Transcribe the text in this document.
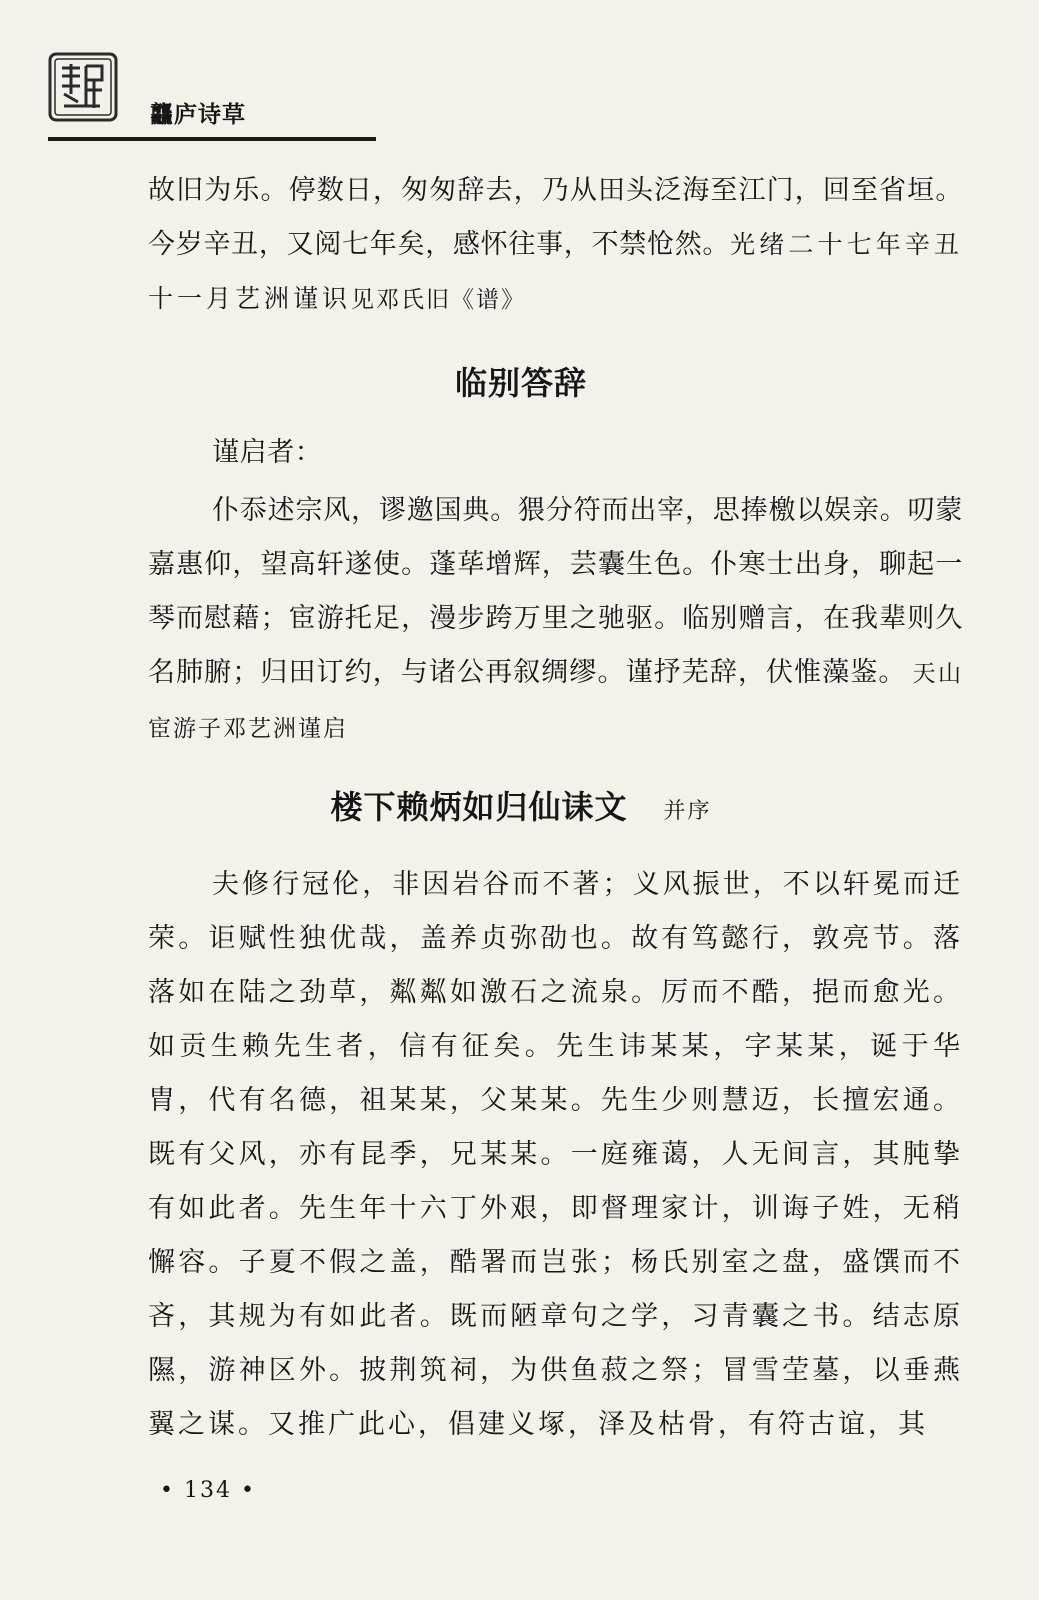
龘庐诗草
故旧为乐。停数日，匆匆辞去，乃从田头泛海至江门，回至省垣。今岁辛丑，又阅七年矣，感怀往事，不禁怆然。光绪二十七年辛丑十一月艺洲谨识见邓氏旧《谱》
临别答辞
谨启者：
仆忝述宗风，谬邀国典。猥分符而出宰，思捧檄以娱亲。叨蒙嘉惠仰，望高轩遂使。蓬荜增辉，芸囊生色。仆寒士出身，聊起一琴而慰藉；宦游托足，漫步跨万里之驰驱。临别赠言，在我辈则久名肺腑；归田订约，与诸公再叙绸缪。谨抒芜辞，伏惟藻鉴。 天山宦游子邓艺洲谨启
楼下赖炳如归仙诔文 并序
夫修行冠伦，非因岩谷而不著；义风振世，不以轩冕而迁荣。讵赋性独优哉，盖养贞弥劭也。故有笃懿行，敦亮节。落落如在陆之劲草，粼粼如激石之流泉。厉而不酷，挹而愈光。如贡生赖先生者，信有征矣。先生讳某某，字某某，诞于华胄，代有名德，祖某某，父某某。先生少则慧迈，长擅宏通。既有父风，亦有昆季，兄某某。一庭雍蔼，人无间言，其肫挚有如此者。先生年十六丁外艰，即督理家计，训诲子姓，无稍懈容。子夏不假之盖，酷署而岂张；杨氏别室之盘，盛馔而不吝，其规为有如此者。既而陋章句之学，习青囊之书。结志原隰，游神区外。披荆筑祠，为供鱼菽之祭；冒雪茔墓，以垂燕翼之谋。又推广此心，倡建义塚，泽及枯骨，有符古谊，其
• 134 •
